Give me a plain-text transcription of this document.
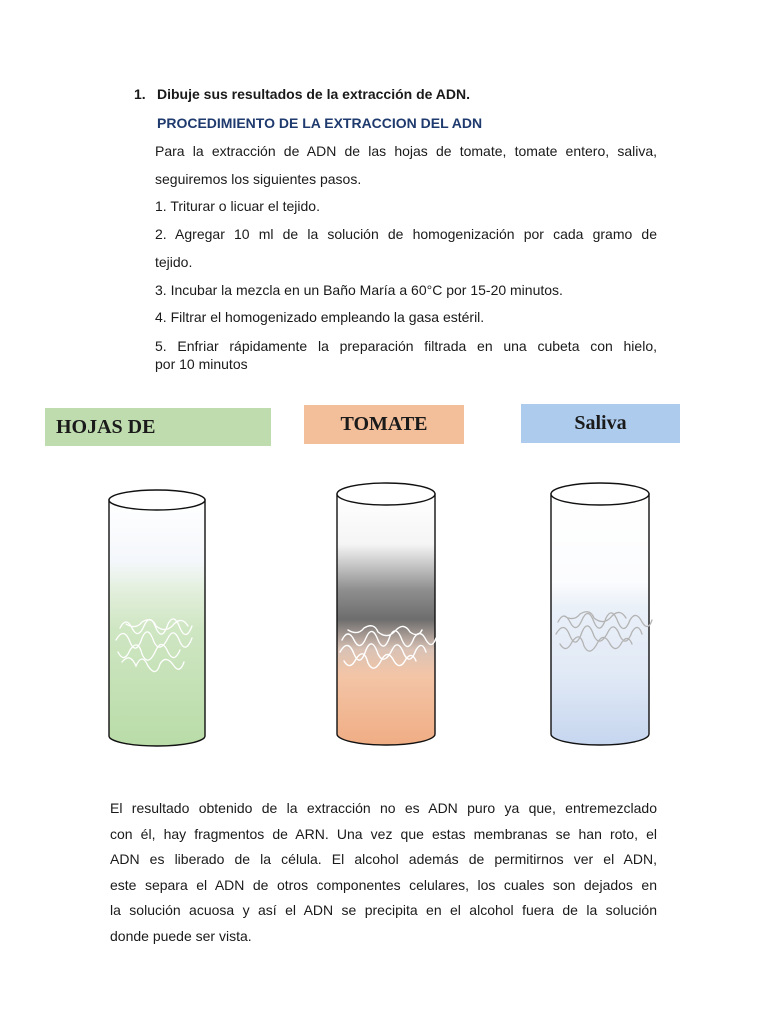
1. Dibuje sus resultados de la extracción de ADN.
PROCEDIMIENTO DE LA EXTRACCION DEL ADN
Para la extracción de ADN de las hojas de tomate, tomate entero, saliva,
seguiremos los siguientes pasos.
1. Triturar o licuar el tejido.
2. Agregar 10 ml de la solución de homogenización por cada gramo de
tejido.
3. Incubar la mezcla en un Baño María a 60°C por 15-20 minutos.
4. Filtrar el homogenizado empleando la gasa estéril.
5. Enfriar rápidamente la preparación filtrada en una cubeta con hielo,
por 10 minutos
HOJAS DE	TOMATE	Saliva
El resultado obtenido de la extracción no es ADN puro ya que, entremezclado
con él, hay fragmentos de ARN. Una vez que estas membranas se han roto, el
ADN es liberado de la célula. El alcohol además de permitirnos ver el ADN,
este separa el ADN de otros componentes celulares, los cuales son dejados en
la solución acuosa y así el ADN se precipita en el alcohol fuera de la solución
donde puede ser vista.
